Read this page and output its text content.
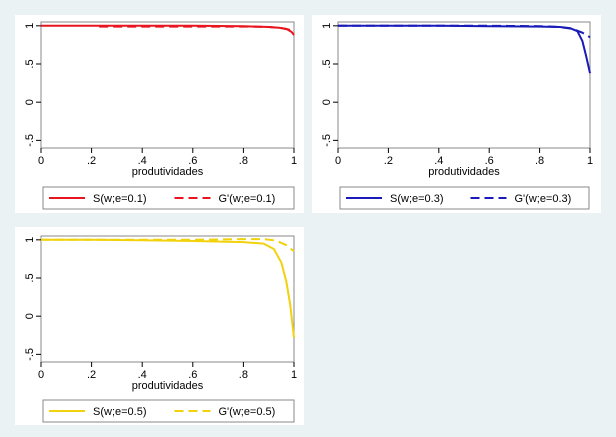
-.5
0
.5
1
0	.2	.4	.6	.8	1
produtividades
S(w;e=0.1)	G'(w;e=0.1)
-.5
0
.5
1
0	.2	.4	.6	.8	1
produtividades
S(w;e=0.3)	G'(w;e=0.3)
-.5
0
.5
1
0	.2	.4	.6	.8	1
produtividades
S(w;e=0.5)	G'(w;e=0.5)
